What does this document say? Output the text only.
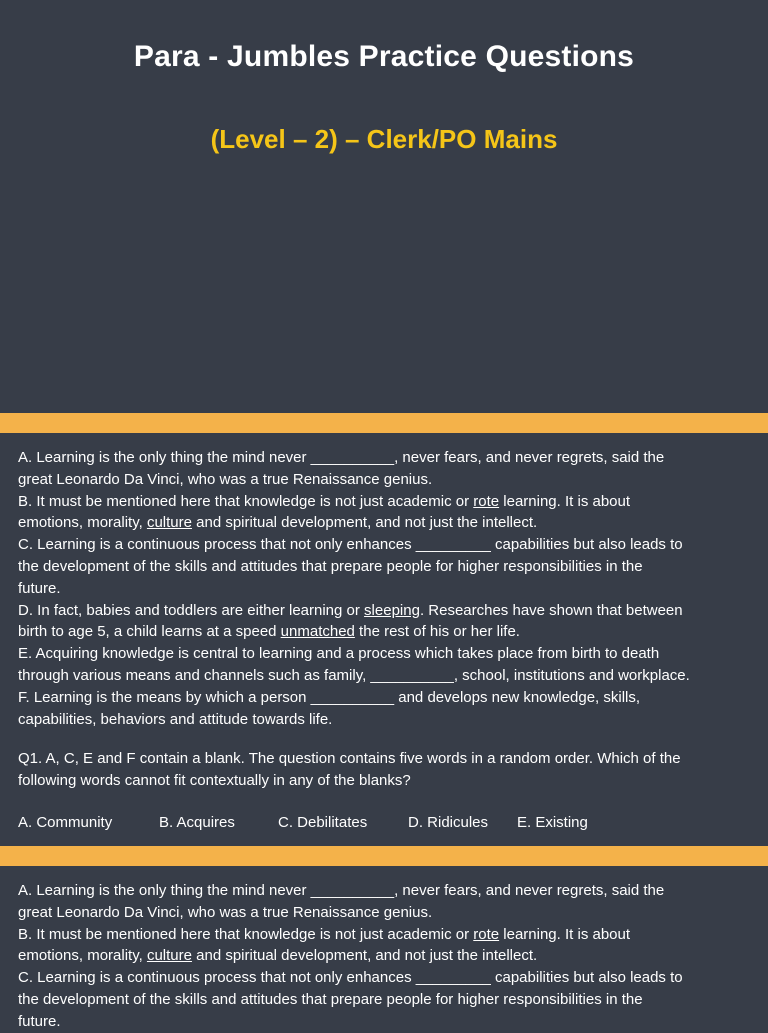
Para - Jumbles Practice Questions
(Level – 2) – Clerk/PO Mains

A. Learning is the only thing the mind never __________, never fears, and never regrets, said the

great Leonardo Da Vinci, who was a true Renaissance genius.

B. It must be mentioned here that knowledge is not just academic or rote learning. It is about

emotions, morality, culture and spiritual development, and not just the intellect.

C. Learning is a continuous process that not only enhances _________ capabilities but also leads to

the development of the skills and attitudes that prepare people for higher responsibilities in the

future.

D. In fact, babies and toddlers are either learning or sleeping. Researches have shown that between

birth to age 5, a child learns at a speed unmatched the rest of his or her life.

E. Acquiring knowledge is central to learning and a process which takes place from birth to death

through various means and channels such as family, __________, school, institutions and workplace.

F. Learning is the means by which a person __________ and develops new knowledge, skills,

capabilities, behaviors and attitude towards life.

Q1. A, C, E and F contain a blank. The question contains five words in a random order. Which of the

following words cannot fit contextually in any of the blanks?

A. Community	B. Acquires	C. Debilitates	D. Ridicules	E. Existing

A. Learning is the only thing the mind never __________, never fears, and never regrets, said the

great Leonardo Da Vinci, who was a true Renaissance genius.

B. It must be mentioned here that knowledge is not just academic or rote learning. It is about

emotions, morality, culture and spiritual development, and not just the intellect.

C. Learning is a continuous process that not only enhances _________ capabilities but also leads to

the development of the skills and attitudes that prepare people for higher responsibilities in the

future.
